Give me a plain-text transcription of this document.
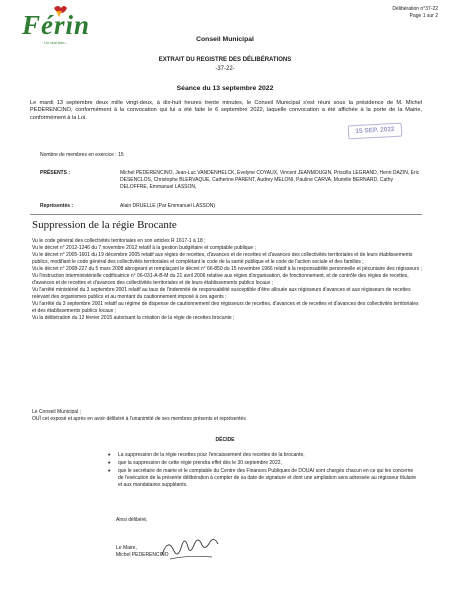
Délibération n°37-22
Page 1 sur 2
Férin
Un vrai bon...	Conseil Municipal
EXTRAIT DU REGISTRE DES DÉLIBÉRATIONS
-37-22-
Séance du 13 septembre 2022
Le mardi 13 septembre deux mille vingt-deux, à dix-huit heures trente minutes, le Conseil Municipal s'est réuni sous la présidence de M. Michel PEDERENCINO, conformément à la convocation qui lui a été faite le 6 septembre 2022, laquelle convocation a été affichée à la porte de la Mairie, conformément à la Loi.
15 SEP. 2022
Nombre de membres en exercice : 15
PRÉSENTS :	Michel PEDERENCINO, Jean-Luc VANDENHELCK, Evelyne COYAUX, Vincent JEANMOUGIN, Priscilla LEGRAND, Henri DAZIN, Eric DESENCLOS, Christophe BLERVAQUE, Catherine PARENT, Audrey MELONI, Pauline CARVA, Murielle BERNARD, Cathy DELOFFRE, Emmanuel LASSON,
Représentés :	Alain DRUELLE (Par Emmanuel LASSON)
Suppression de la régie Brocante
Vu le code général des collectivités territoriales en son articles R 1617-1 à 18 ;
Vu le décret n° 2012-1246 du 7 novembre 2012 relatif à la gestion budgétaire et comptable publique ;
Vu le décret n° 2005-1601 du 19 décembre 2005 relatif aux régies de recettes, d'avances et de recettes et d'avances des collectivités territoriales et de leurs établissements publics, modifiant le code général des collectivités territoriales et complétant le code de la santé publique et le code de l'action sociale et des familles ;
Vu le décret n° 2008-227 du 5 mars 2008 abrogeant et remplaçant le décret n° 66-850 du 15 novembre 1966 relatif à la responsabilité personnelle et pécuniaire des régisseurs ;
Vu l'instruction interministérielle codificatrice n° 06-031-A-B-M du 21 avril 2006 relative aux régies d'organisation, de fonctionnement, et de contrôle des régies de recettes, d'avances et de recettes et d'avances des collectivités territoriales et de leurs établissements publics locaux ;
Vu l'arrêté ministériel du 3 septembre 2001 relatif au taux de l'indemnité de responsabilité susceptible d'être allouée aux régisseurs d'avances et aux régisseurs de recettes relevant des organismes publics et au montant du cautionnement imposé à ces agents ;
Vu l'arrêté du 3 septembre 2001 relatif au régime de dispense de cautionnement des régisseurs de recettes, d'avances et de recettes et d'avances des collectivités territoriales et des établissements publics locaux ;
Vu la délibération du 12 février 2015 autorisant la création de la régie de recettes brocante ;
Le Conseil Municipal ;
OUÏ cet exposé et après en avoir délibéré à l'unanimité de ses membres présents et représentés
DÉCIDE
• La suppression de la régie recettes pour l'encaissement des recettes de la brocante,
• que la suppression de cette régie prendra effet dès le 30 septembre 2022,
• que le secrétaire de mairie et le comptable du Centre des Finances Publiques de DOUAI sont chargés chacun en ce qui les concerne de l'exécution de la présente délibération à compter de sa date de signature et dont une ampliation sera adressée au régisseur titulaire et aux mandataires suppléants.
Ainsi délibéré,
Le Maire,
Michel PEDERENCINO
